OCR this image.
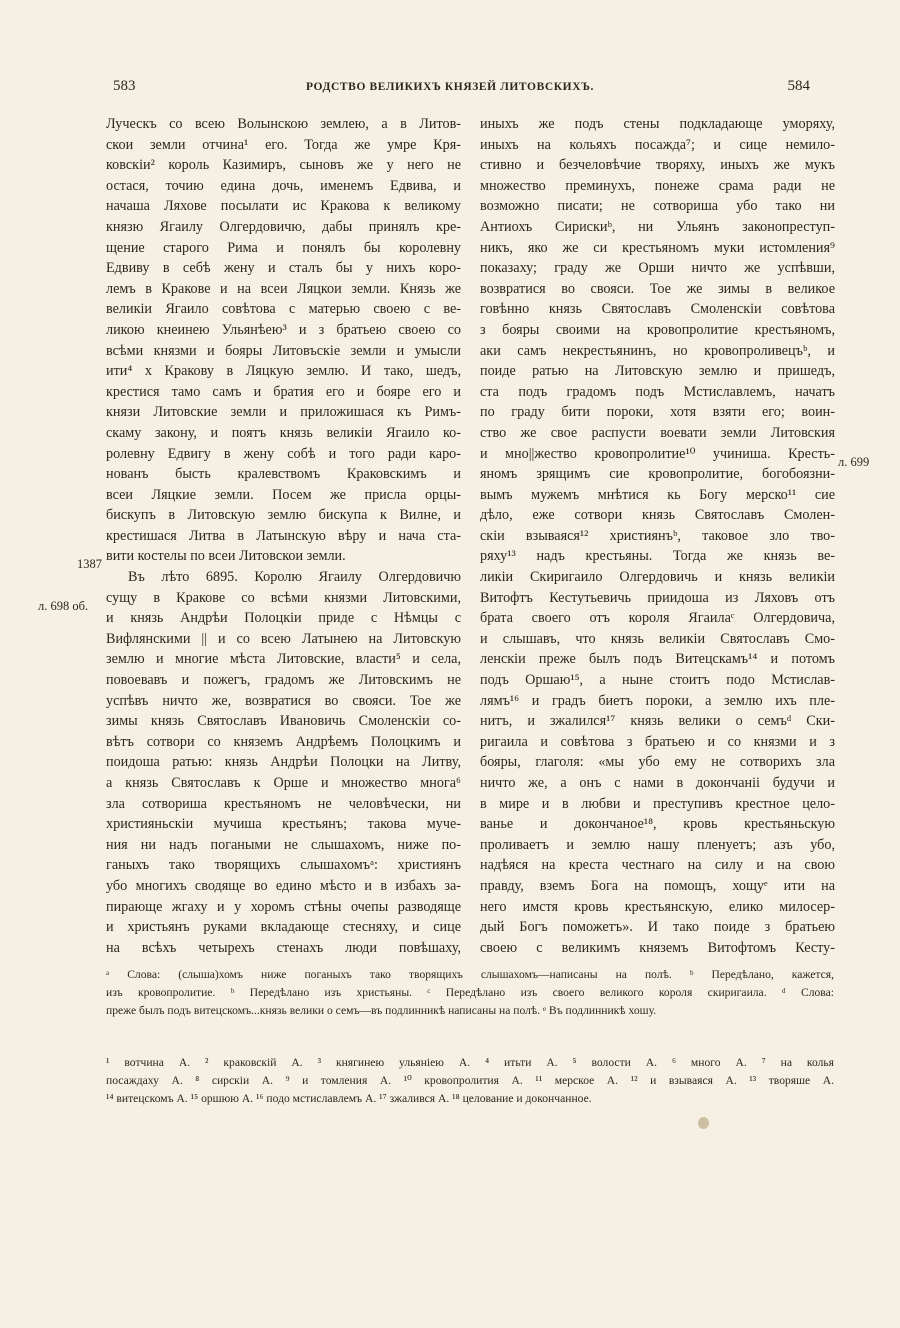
583	РОДСТВО ВЕЛИКИХЪ КНЯЗЕЙ ЛИТОВСКИХЪ.	584
Луческъ со всею Волынскою землею, а в Литов-
скои земли отчина¹ его. Тогда же умре Кря-
ковскiи² король Казимиръ, сыновъ же у него не
остася, точию едина дочь, именемъ Едвива, и
начаша Ляхове посылати ис Кракова к великому
князю Ягаилу Олгердовичю, дабы принялъ кре-
щение старого Рима и понялъ бы королевну
Едвиву в себѣ жену и сталъ бы у нихъ коро-
лемъ в Кракове и на всеи Ляцкои земли. Князь же
великiи Ягаило совѣтова с матерью своею с ве-
ликою кнеинею Ульянѣею³ и з братьею своею со
всѣми князми и бояры Литовъскiе земли и умысли
ити⁴ х Кракову в Ляцкую землю. И тако, шедъ,
крестися тамо самъ и братия его и бояре его и
князи Литовские земли и приложишася къ Римъ-
скаму закону, и поятъ князь великiи Ягаило ко-
ролевну Едвигу в жену собѣ и того ради каро-
нованъ бысть кралевствомъ Краковскимъ и
всеи Ляцкие земли. Посем же присла орцы-
бискупъ в Литовскую землю бискупа к Вилне, и
крестишася Литва в Латынскую вѣру и нача ста-
вити костелы по всеи Литовскои земли.
Въ лѣто 6895. Королю Ягаилу Олгердовичю
сущу в Кракове со всѣми князми Литовскими,
и князь Андрѣи Полоцкiи приде с Нѣмцы с
Вифлянскими || и со всею Латынею на Литовскую
землю и многие мѣста Литовские, власти⁵ и села,
повоевавъ и пожегъ, градомъ же Литовскимъ не
успѣвъ ничто же, возвратися во свояси. Тое же
зимы князь Святославъ Ивановичь Смоленскiи со-
вѣтъ сотвори со княземъ Андрѣемъ Полоцкимъ и
поидоша ратью: князь Андрѣи Полоцки на Литву,
а князь Святославъ к Орше и множество многа⁶
зла сотвориша крестьяномъ не человѣчески, ни
християньскiи мучиша крестьянъ; такова муче-
ния ни надъ погаными не слышахомъ, ниже по-
ганыхъ тако творящихъ слышахомъᵃ: християнъ
убо многихъ сводяще во едино мѣсто и в избахъ за-
пирающе жгаху и у хоромъ стѣны очепы разводяще
и христьянъ руками вкладающе стесняху, и сице
на всѣхъ четырехъ стенахъ люди повѣшаху,
иныхъ же подъ стены подкладающе уморяху,
иныхъ на кольяхъ посажда⁷; и сице немило-
стивно и безчеловѣчие творяху, иныхъ же мукъ
множество преминухъ, понеже срама ради не
возможно писати; не сотвориша убо тако ни
Антиохъ Сирискиᵇ, ни Ульянъ законопреступ-
никъ, яко же си крестьяномъ муки истомления⁹
показаху; граду же Орши ничто же успѣвши,
возвратися во свояси. Тое же зимы в великое
говѣнно князь Святославъ Смоленскiи совѣтова
з бояры своими на кровопролитие крестьяномъ,
аки самъ некрестьянинъ, но кровопроливецъᵇ, и
поиде ратью на Литовскую землю и пришедъ,
ста подъ градомъ подъ Мстиславлемъ, начатъ
по граду бити пороки, хотя взяти его; воин-
ство же свое распусти воевати земли Литовския
и мно||жество кровопролитие¹⁰ учиниша. Кресть-
яномъ зрящимъ сие кровопролитие, богобоязни-
вымъ мужемъ мнѣтися кь Богу мерско¹¹ сие
дѣло, еже сотвори князь Святославъ Смолен-
скiи взываяся¹² християнъᵇ, таковое зло тво-
ряху¹³ надъ крестьяны. Тогда же князь ве-
ликiи Скиригаило Олгердовичь и князь великiи
Витофтъ Кестутьевичь приидоша из Ляховъ отъ
брата своего отъ короля Ягаилаᶜ Олгердовича,
и слышавъ, что князь великiи Святославъ Смо-
ленскiи преже былъ подъ Витецскамъ¹⁴ и потомъ
подъ Оршаю¹⁵, а ныне стоитъ подо Мстислав-
лямъ¹⁶ и градъ биетъ пороки, а землю ихъ пле-
нитъ, и зжалился¹⁷ князь велики о семъᵈ Ски-
ригаила и совѣтова з братьею и со князми и з
бояры, глаголя: «мы убо ему не сотворихъ зла
ничто же, а онъ с нами в докончанiі будучи и
в мире и в любви и преступивъ крестное цело-
ванье и докончаное¹⁸, кровь крестьяньскую
проливаетъ и землю нашу пленуетъ; азъ убо,
надѣяся на креста честнаго на силу и на свою
правду, вземъ Бога на помощъ, хощуᵉ ити на
него имстя кровь крестьянскую, елико милосер-
дый Богъ поможетъ». И тако поиде з братьею
своею с великимъ княземъ Витофтомъ Кесту-
1387
л. 698 об.
л. 699
ᵃ Слова: (слыша)хомъ ниже поганыхъ тако творящихъ слышахомъ—написаны на полѣ. ᵇ Передѣлано, кажется,
изъ кровопролитие. ᵇ Передѣлано изъ христьяны. ᶜ Передѣлано изъ своего великого короля скиригаила. ᵈ Слова:
преже былъ подъ витецскомъ...князь велики о семъ—въ подлинникѣ написаны на полѣ. ᵉ Въ подлинникѣ хошу.
¹ вотчина А. ² краковскiй А. ³ княгинею ульянiею А. ⁴ итьти А. ⁵ волости А. ⁶ много А. ⁷ на колья
посаждаху А. ⁸ сирскiи А. ⁹ и томления А. ¹⁰ кровопролития А. ¹¹ мерское А. ¹² и взываяся А. ¹³ творяше А.
¹⁴ витецскомъ А. ¹⁵ оршюю А. ¹⁶ подо мстиславлемъ А. ¹⁷ зжалився А. ¹⁸ целование и докончанное.
